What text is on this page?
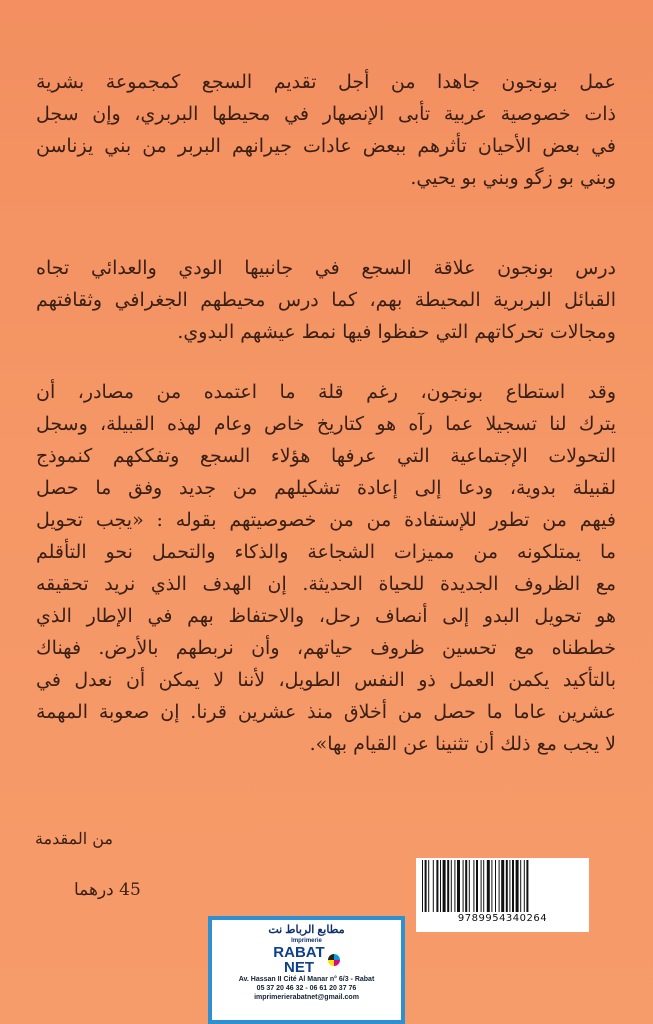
عمل بونجون جاهدا من أجل تقديم السجع كمجموعة بشرية
ذات خصوصية عربية تأبى الإنصهار في محيطها البربري، وإن سجل
في بعض الأحيان تأثرهم ببعض عادات جيرانهم البربر من بني يزناسن
وبني بو زگو وبني بو يحيي.
درس بونجون علاقة السجع في جانبيها الودي والعدائي تجاه
القبائل البربرية المحيطة بهم، كما درس محيطهم الجغرافي وثقافتهم
ومجالات تحركاتهم التي حفظوا فيها نمط عيشهم البدوي.
وقد استطاع بونجون، رغم قلة ما اعتمده من مصادر، أن
يترك لنا تسجيلا عما رآه هو كتاريخ خاص وعام لهذه القبيلة، وسجل
التحولات الإجتماعية التي عرفها هؤلاء السجع وتفككهم كنموذج
لقبيلة بدوية، ودعا إلى إعادة تشكيلهم من جديد وفق ما حصل
فيهم من تطور للإستفادة من من خصوصيتهم بقوله : «يجب تحويل
ما يمتلكونه من مميزات الشجاعة والذكاء والتحمل نحو التأقلم
مع الظروف الجديدة للحياة الحديثة. إن الهدف الذي نريد تحقيقه
هو تحويل البدو إلى أنصاف رحل، والاحتفاظ بهم في الإطار الذي
خططناه مع تحسين ظروف حياتهم، وأن نربطهم بالأرض. فهناك
بالتأكيد يكمن العمل ذو النفس الطويل، لأننا لا يمكن أن نعدل في
عشرين عاما ما حصل من أخلاق منذ عشرين قرنا. إن صعوبة المهمة
لا يجب مع ذلك أن تثنينا عن القيام بها».
من المقدمة
45 درهما
9789954340264
مطابع الرباط نت
Imprimerie
RABAT
NET
Av. Hassan II Cité Al Manar n° 6/3 - Rabat
05 37 20 46 32 - 06 61 20 37 76
imprimerierabatnet@gmail.com
